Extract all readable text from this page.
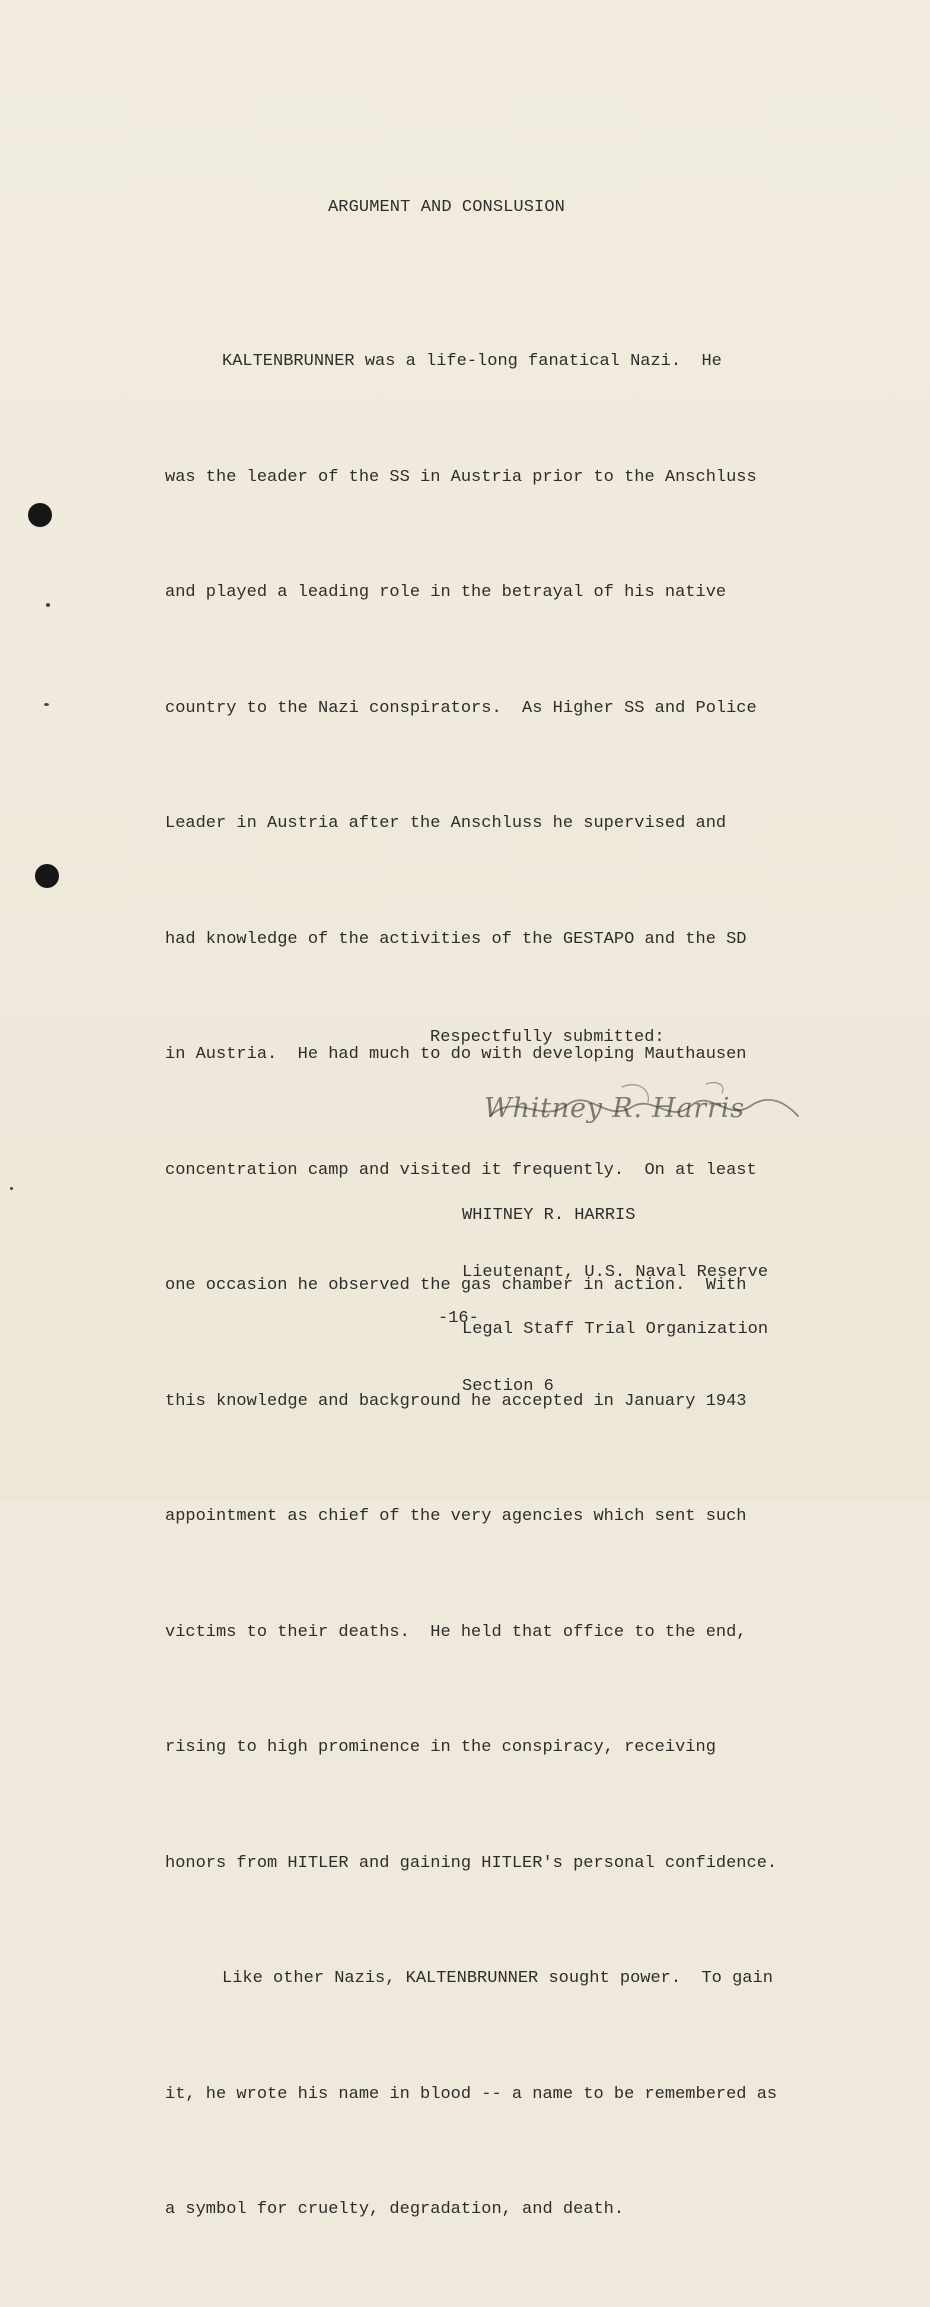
ARGUMENT AND CONSLUSION

KALTENBRUNNER was a life-long fanatical Nazi.  He

was the leader of the SS in Austria prior to the Anschluss

and played a leading role in the betrayal of his native

country to the Nazi conspirators.  As Higher SS and Police

Leader in Austria after the Anschluss he supervised and

had knowledge of the activities of the GESTAPO and the SD

in Austria.  He had much to do with developing Mauthausen

concentration camp and visited it frequently.  On at least

one occasion he observed the gas chamber in action.  With

this knowledge and background he accepted in January 1943

appointment as chief of the very agencies which sent such

victims to their deaths.  He held that office to the end,

rising to high prominence in the conspiracy, receiving

honors from HITLER and gaining HITLER's personal confidence.

Like other Nazis, KALTENBRUNNER sought power.  To gain

it, he wrote his name in blood -- a name to be remembered as

a symbol for cruelty, degradation, and death.

Respectfully submitted:
Whitney R. Harris

WHITNEY R. HARRIS

Lieutenant, U.S. Naval Reserve

Legal Staff Trial Organization

Section 6

-16-
